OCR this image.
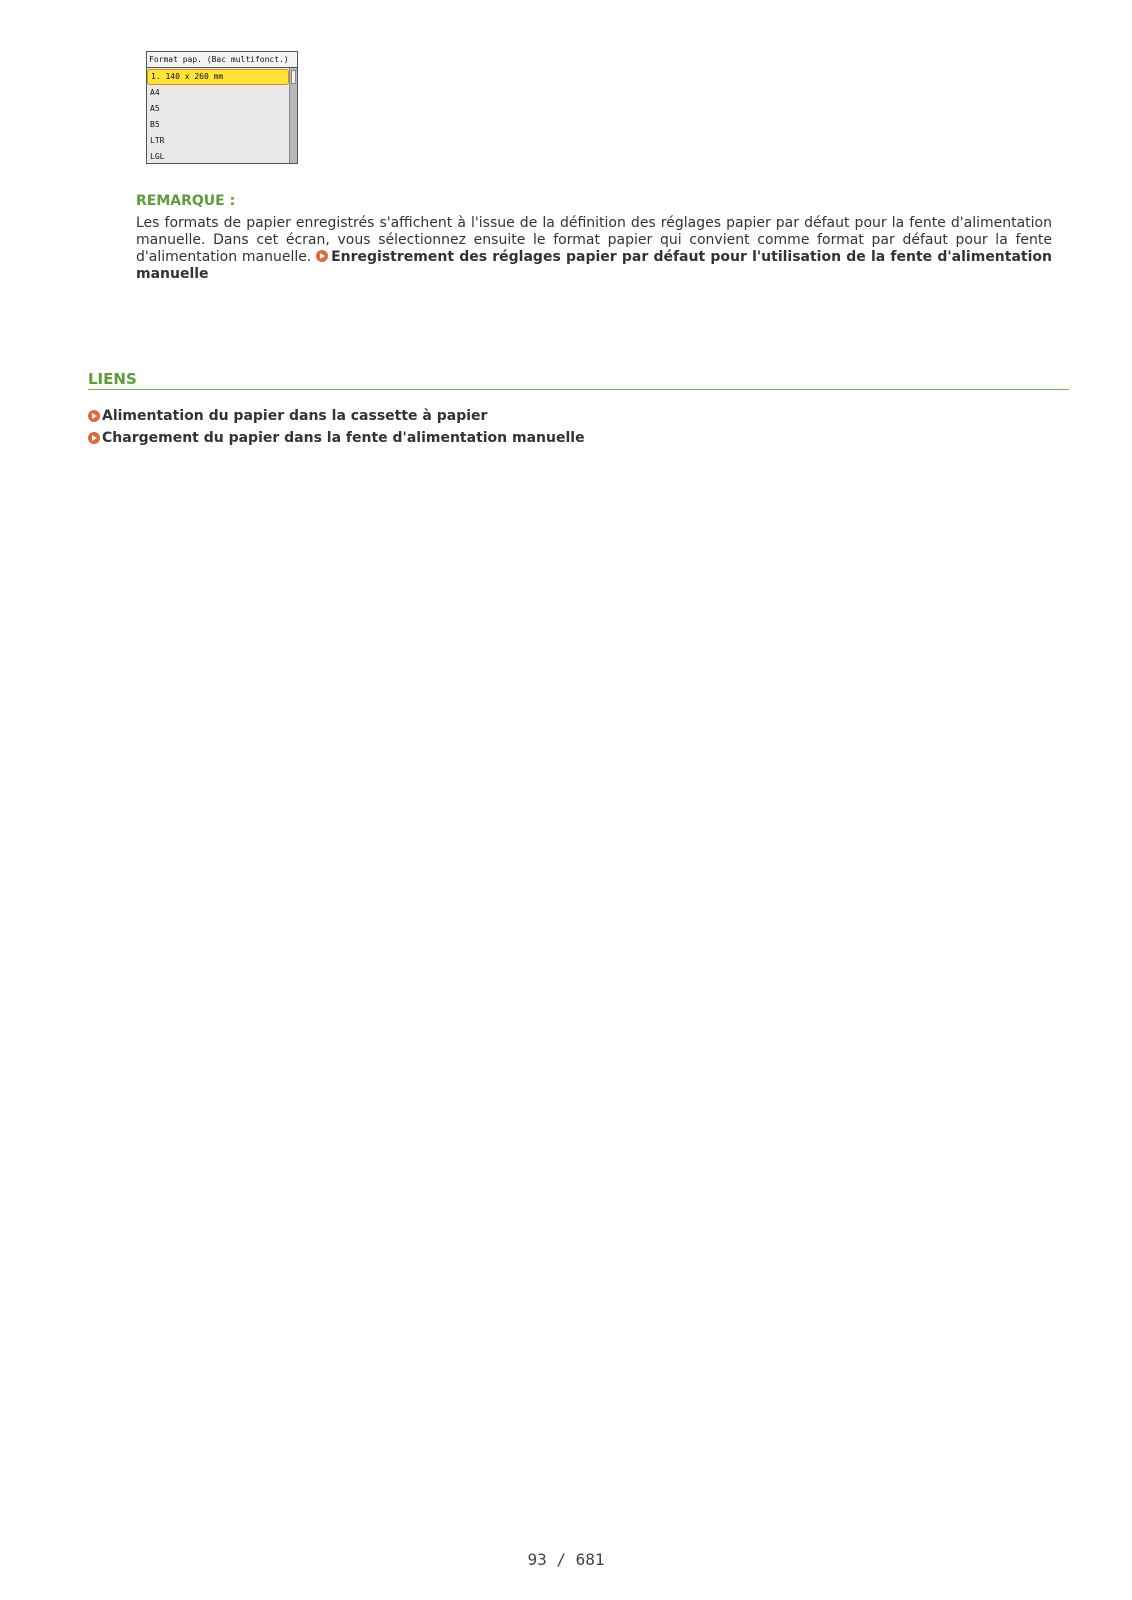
Format pap. (Bac multifonct.)
1. 140 x 260 mm
A4
A5
B5
LTR
LGL
REMARQUE :
Les formats de papier enregistrés s'affichent à l'issue de la définition des réglages papier par défaut pour la fente d'alimentation manuelle. Dans cet écran, vous sélectionnez ensuite le format papier qui convient comme format par défaut pour la fente d'alimentation manuelle. Enregistrement des réglages papier par défaut pour l'utilisation de la fente d'alimentation manuelle
LIENS
Alimentation du papier dans la cassette à papier
Chargement du papier dans la fente d'alimentation manuelle
93 / 681
